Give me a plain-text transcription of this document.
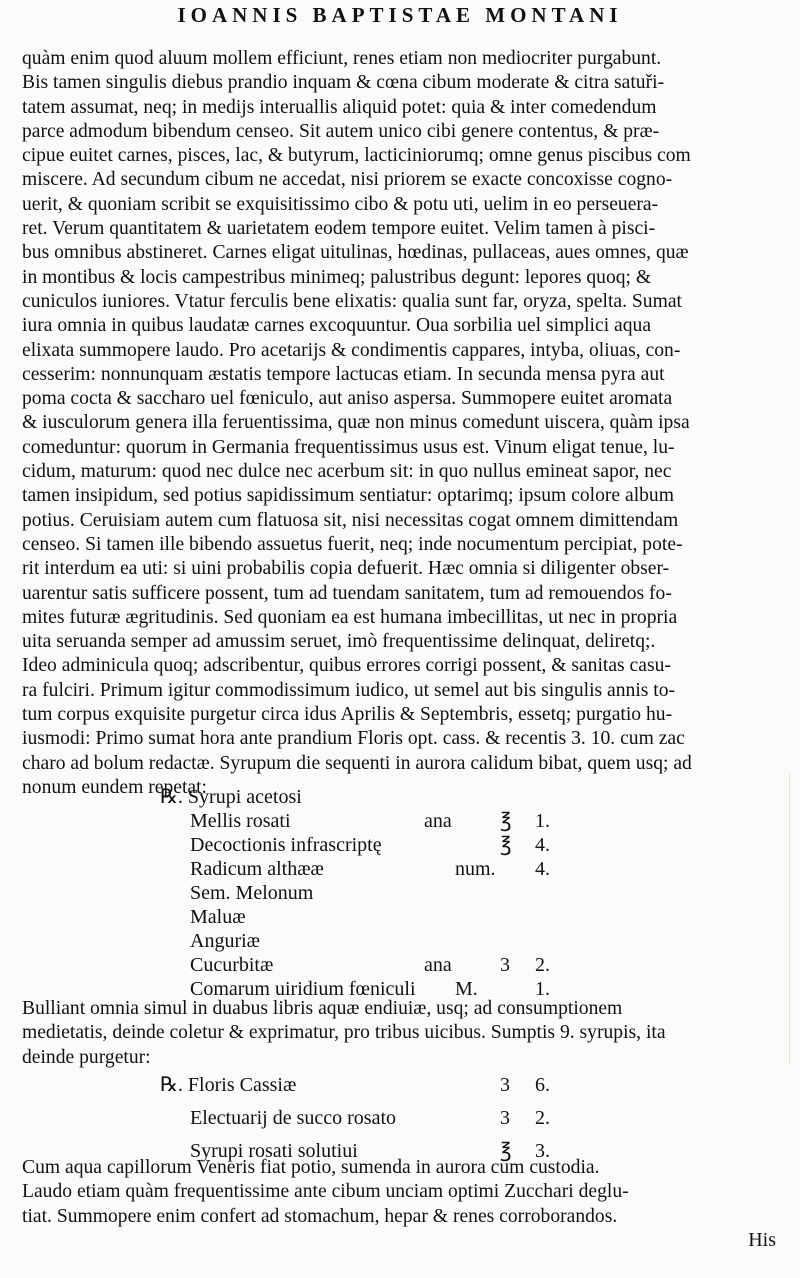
IOANNIS BAPTISTAE MONTANI
quàm enim quod aluum mollem efficiunt, renes etiam non mediocriter purgabunt.
Bis tamen singulis diebus prandio inquam & cœna cibum moderate & citra satuři-
tatem assumat, neq; in medijs interuallis aliquid potet: quia & inter comedendum
parce admodum bibendum censeo. Sit autem unico cibi genere contentus, & præ-
cipue euitet carnes, pisces, lac, & butyrum, lacticiniorumq; omne genus piscibus com
miscere. Ad secundum cibum ne accedat, nisi priorem se exacte concoxisse cogno-
uerit, & quoniam scribit se exquisitissimo cibo & potu uti, uelim in eo perseuera-
ret. Verum quantitatem & uarietatem eodem tempore euitet. Velim tamen à pisci-
bus omnibus abstineret. Carnes eligat uitulinas, hœdinas, pullaceas, aues omnes, quæ
in montibus & locis campestribus minimeq; palustribus degunt: lepores quoq; &
cuniculos iuniores. Vtatur ferculis bene elixatis: qualia sunt far, oryza, spelta. Sumat
iura omnia in quibus laudatæ carnes excoquuntur. Oua sorbilia uel simplici aqua
elixata summopere laudo. Pro acetarijs & condimentis cappares, intyba, oliuas, con-
cesserim: nonnunquam æstatis tempore lactucas etiam. In secunda mensa pyra aut
poma cocta & saccharo uel fœniculo, aut aniso aspersa. Summopere euitet aromata
& iusculorum genera illa feruentissima, quæ non minus comedunt uiscera, quàm ipsa
comeduntur: quorum in Germania frequentissimus usus est. Vinum eligat tenue, lu-
cidum, maturum: quod nec dulce nec acerbum sit: in quo nullus emineat sapor, nec
tamen insipidum, sed potius sapidissimum sentiatur: optarimq; ipsum colore album
potius. Ceruisiam autem cum flatuosa sit, nisi necessitas cogat omnem dimittendam
censeo. Si tamen ille bibendo assuetus fuerit, neq; inde nocumentum percipiat, pote-
rit interdum ea uti: si uini probabilis copia defuerit. Hæc omnia si diligenter obser-
uarentur satis sufficere possent, tum ad tuendam sanitatem, tum ad remouendos fo-
mites futuræ ægritudinis. Sed quoniam ea est humana imbecillitas, ut nec in propria
uita seruanda semper ad amussim seruet, imò frequentissime delinquat, deliretq;.
Ideo adminicula quoq; adscribentur, quibus errores corrigi possent, & sanitas casu-
ra fulciri. Primum igitur commodissimum iudico, ut semel aut bis singulis annis to-
tum corpus exquisite purgetur circa idus Aprilis & Septembris, essetq; purgatio hu-
iusmodi: Primo sumat hora ante prandium Floris opt. cass. & recentis 3. 10. cum zac
charo ad bolum redactæ. Syrupum die sequenti in aurora calidum bibat, quem usq; ad
nonum eundem repetat:
℞. Syrupi acetosi
Mellis rosati	ana ℥ 1.
Decoctionis infrascriptę	℥ 4.
Radicum althææ	num. 4.
Sem. Melonum
Maluæ
Anguriæ
Cucurbitæ	ana 3 2.
Comarum uiridium fœniculi M.	1.
Bulliant omnia simul in duabus libris aquæ endiuiæ, usq; ad consumptionem
medietatis, deinde coletur & exprimatur, pro tribus uicibus. Sumptis 9. syrupis, ita
deinde purgetur:
℞. Floris Cassiæ	3 6.
Electuarij de succo rosato	3 2.
Syrupi rosati solutiui	℥ 3.
Cum aqua capillorum Veneris fiat potio, sumenda in aurora cum custodia.
Laudo etiam quàm frequentissime ante cibum unciam optimi Zucchari deglu-
tiat. Summopere enim confert ad stomachum, hepar & renes corroborandos.
His
